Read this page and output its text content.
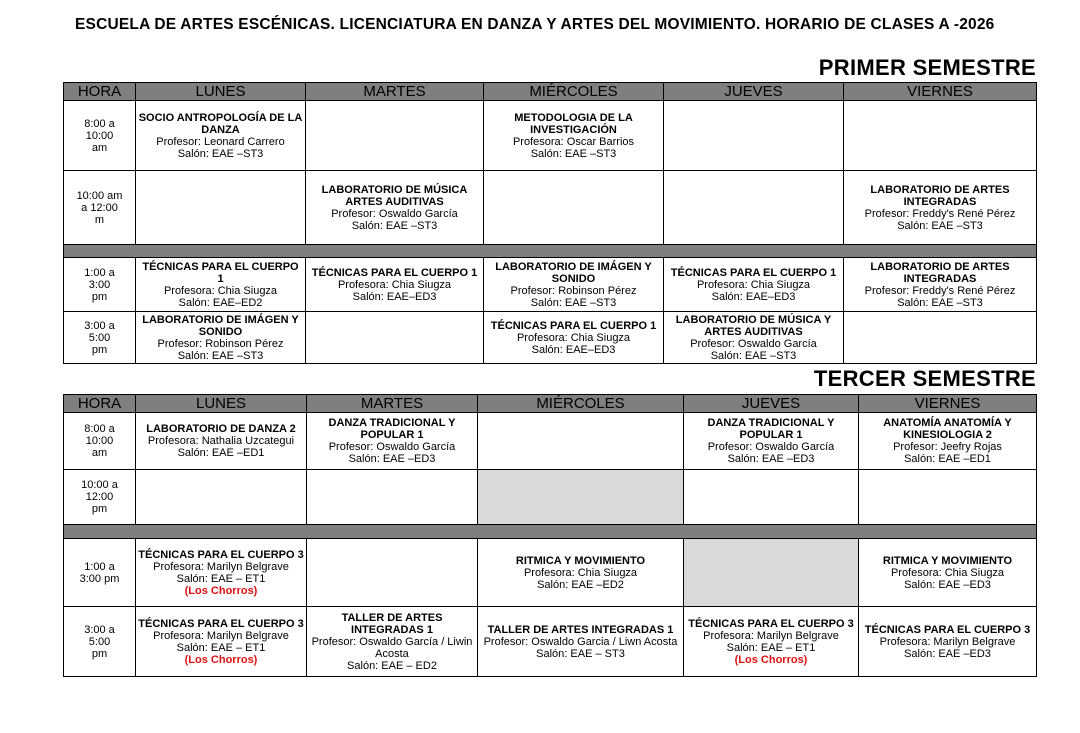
ESCUELA DE ARTES ESCÉNICAS. LICENCIATURA EN DANZA Y ARTES DEL MOVIMIENTO. HORARIO DE CLASES A -2026
PRIMER SEMESTRE
HORA	LUNES	MARTES	MIÉRCOLES	JUEVES	VIERNES

8:00 a
10:00
am	SOCIO ANTROPOLOGÍA DE LA DANZA
Profesor: Leonard Carrero
Salón: EAE –ST3		METODOLOGIA DE LA INVESTIGACIÓN
Profesora: Oscar Barrios
Salón: EAE –ST3		

10:00 am
a 12:00
m		LABORATORIO DE MÚSICA ARTES AUDITIVAS
Profesor: Oswaldo García
Salón: EAE –ST3			LABORATORIO DE ARTES INTEGRADAS
Profesor: Freddy's René Pérez
Salón: EAE –ST3

1:00 a
3:00
pm	TÉCNICAS PARA EL CUERPO 1
Profesora: Chia Siugza
Salón: EAE–ED2	TÉCNICAS PARA EL CUERPO 1
Profesora: Chia Siugza
Salón: EAE–ED3	LABORATORIO DE IMÁGEN Y SONIDO
Profesor: Robinson Pérez
Salón: EAE –ST3	TÉCNICAS PARA EL CUERPO 1
Profesora: Chia Siugza
Salón: EAE–ED3	LABORATORIO DE ARTES INTEGRADAS
Profesor: Freddy's René Pérez
Salón: EAE –ST3

3:00 a
5:00
pm	LABORATORIO DE IMÁGEN Y SONIDO
Profesor: Robinson Pérez
Salón: EAE –ST3		TÉCNICAS PARA EL CUERPO 1
Profesora: Chia Siugza
Salón: EAE–ED3	LABORATORIO DE MÚSICA Y ARTES AUDITIVAS
Profesor: Oswaldo García
Salón: EAE –ST3	

TERCER SEMESTRE
HORA	LUNES	MARTES	MIÉRCOLES	JUEVES	VIERNES

8:00 a
10:00
am	LABORATORIO DE DANZA 2
Profesora: Nathalia Uzcategui
Salón: EAE –ED1	DANZA TRADICIONAL Y POPULAR 1
Profesor: Oswaldo García
Salón: EAE –ED3		DANZA TRADICIONAL Y POPULAR 1
Profesor: Oswaldo García
Salón: EAE –ED3	ANATOMÍA ANATOMÍA Y KINESIOLOGIA 2
Profesor: Jeefry Rojas
Salón: EAE –ED1

10:00 a
12:00
pm					

1:00 a
3:00 pm	TÉCNICAS PARA EL CUERPO 3
Profesora: Marilyn Belgrave
Salón: EAE – ET1
(Los Chorros)		RITMICA Y MOVIMIENTO
Profesora: Chia Siugza
Salón: EAE –ED2		RITMICA Y MOVIMIENTO
Profesora: Chia Siugza
Salón: EAE –ED3

3:00 a
5:00
pm	TÉCNICAS PARA EL CUERPO 3
Profesora: Marilyn Belgrave
Salón: EAE – ET1
(Los Chorros)	TALLER DE ARTES INTEGRADAS 1
Profesor: Oswaldo García / Liwin Acosta
Salón: EAE – ED2	TALLER DE ARTES INTEGRADAS 1
Profesor: Oswaldo Garcia / Liwn Acosta
Salón: EAE – ST3	TÉCNICAS PARA EL CUERPO 3
Profesora: Marilyn Belgrave
Salón: EAE – ET1
(Los Chorros)	TÉCNICAS PARA EL CUERPO 3
Profesora: Marilyn Belgrave
Salón: EAE –ED3
